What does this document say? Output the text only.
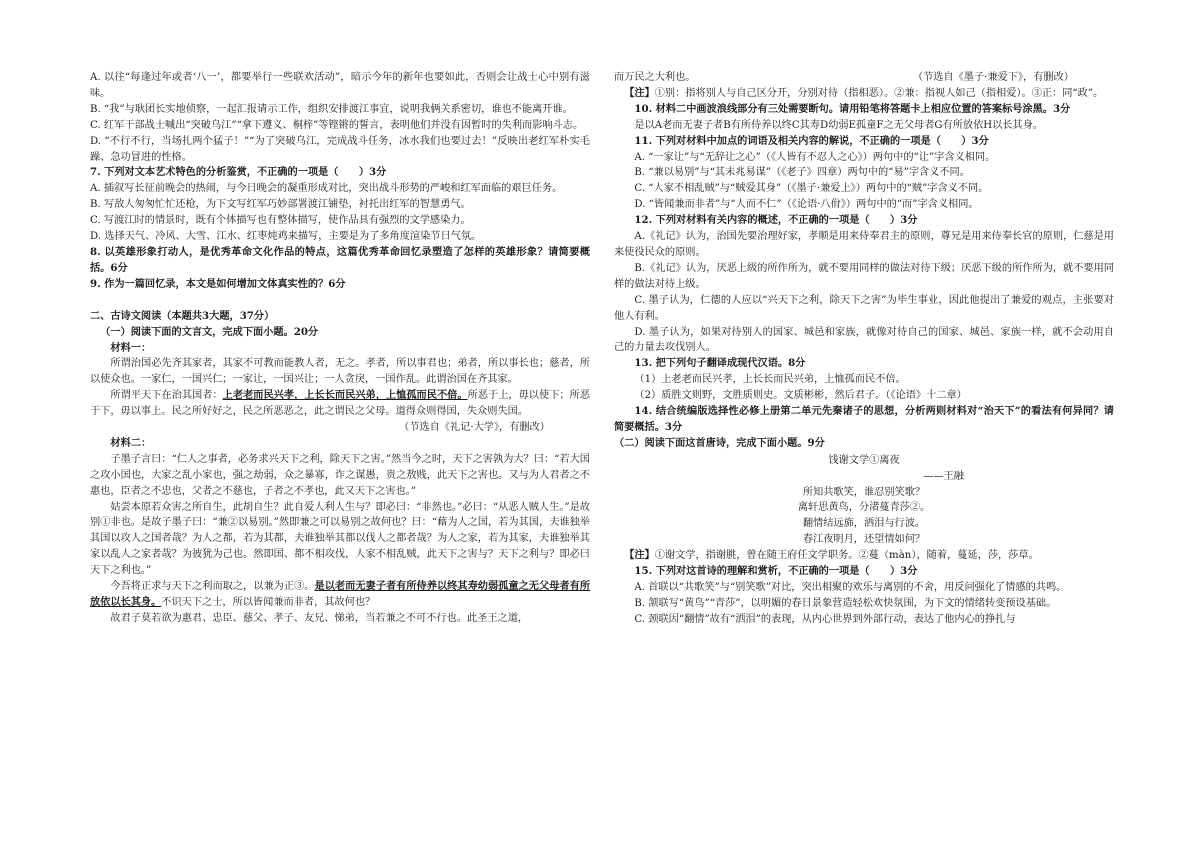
A. 以往“每逢过年或者‘八一’，都要举行一些联欢活动”，暗示今年的新年也要如此，否则会让战士心中别有滋味。

B. “我”与耿团长实地侦察，一起汇报请示工作，组织安排渡江事宜，说明我俩关系密切，谁也不能离开谁。

C. 红军干部战士喊出“突破乌江”“拿下遵义、桐梓”等铿锵的誓言，表明他们并没有因暂时的失利而影响斗志。

D. “不行不行，当场扎两个猛子！”“为了突破乌江，完成战斗任务，冰水我们也要过去！”反映出老红军朴实毛躁、急功冒进的性格。

7. 下列对文本艺术特色的分析鉴赏，不正确的一项是（　　）3分

A. 插叙写长征前晚会的热闹，与今日晚会的凝重形成对比，突出战斗形势的严峻和红军面临的艰巨任务。

B. 写敌人匆匆忙忙还枪，为下文写红军巧妙部署渡江铺垫，衬托出红军的智慧勇气。

C. 写渡江时的情景时，既有个体描写也有整体描写，使作品具有强烈的文学感染力。

D. 选择天气、冷风、大雪、江水、红枣炖鸡来描写，主要是为了多角度渲染节日气氛。

8. 以英雄形象打动人，是优秀革命文化作品的特点，这篇优秀革命回忆录塑造了怎样的英雄形象？请简要概括。6分

9. 作为一篇回忆录，本文是如何增加文体真实性的？6分

二、古诗文阅读（本题共3大题，37分）

（一）阅读下面的文言文，完成下面小题。20分

材料一：

所谓治国必先齐其家者，其家不可教而能教人者，无之。孝者，所以事君也；弟者，所以事长也；慈者，所以使众也。一家仁，一国兴仁；一家让，一国兴让；一人贪戾，一国作乱。此谓治国在齐其家。

所谓平天下在治其国者：上老老而民兴孝，上长长而民兴弟，上恤孤而民不倍。所恶于上，毋以使下；所恶于下，毋以事上。民之所好好之，民之所恶恶之，此之谓民之父母。道得众则得国，失众则失国。

（节选自《礼记·大学》，有删改）

材料二：

子墨子言曰：“仁人之事者，必务求兴天下之利，除天下之害。”然当今之时，天下之害孰为大？曰：“若大国之攻小国也，大家之乱小家也，强之劫弱，众之暴寡，诈之谋愚，贵之敖贱，此天下之害也。又与为人君者之不惠也，臣者之不忠也，父者之不慈也，子者之不孝也，此又天下之害也。”

姑尝本原若众害之所自生，此胡自生？此自爱人利人生与？即必曰：“非然也。”必曰：“从恶人贼人生。”是故别①非也。是故子墨子曰：“兼②以易别。”然即兼之可以易别之故何也？曰：“藉为人之国，若为其国，夫谁独举其国以攻人之国者哉？为人之都，若为其都，夫谁独举其都以伐人之都者哉？为人之家，若为其家，夫谁独举其家以乱人之家者哉？为彼犹为己也。然即国、都不相攻伐，人家不相乱贼，此天下之害与？天下之利与？即必曰天下之利也。”

今吾将正求与天下之利而取之，以兼为正③。是以老而无妻子者有所侍养以终其寿幼弱孤童之无父母者有所放依以长其身。不识天下之士，所以皆闻兼而非者，其故何也？

故君子莫若欲为惠君、忠臣、慈父、孝子、友兄、悌弟，当若兼之不可不行也。此圣王之道，

而万民之大利也。	（节选自《墨子·兼爱下》，有删改）

【注】①别：指将别人与自己区分开，分别对待（指相恶）。②兼：指视人如己（指相爱）。③正：同“政”。

10. 材料二中画波浪线部分有三处需要断句。请用铅笔将答题卡上相应位置的答案标号涂黑。3分

是以A老而无妻子者B有所侍养以终C其寿D幼弱E孤童F之无父母者G有所放依H以长其身。

11. 下列对材料中加点的词语及相关内容的解说，不正确的一项是（　　）3分

A. “一家让”与“无辞让之心”（《人皆有不忍人之心》）两句中的“让”字含义相同。

B. “兼以易别”与“其未兆易谋”（《老子》四章）两句中的“易”字含义不同。

C. “人家不相乱贼”与“贼爱其身”（《墨子·兼爱上》）两句中的“贼”字含义不同。

D. “皆闻兼而非者”与“人而不仁”（《论语·八佾》）两句中的“而”字含义相同。

12. 下列对材料有关内容的概述，不正确的一项是（　　）3分

A.《礼记》认为，治国先要治理好家，孝顺是用来侍奉君主的原则，尊兄是用来侍奉长官的原则，仁慈是用来使役民众的原则。

B.《礼记》认为，厌恶上级的所作所为，就不要用同样的做法对待下级；厌恶下级的所作所为，就不要用同样的做法对待上级。

C. 墨子认为，仁德的人应以“兴天下之利，除天下之害”为毕生事业，因此他提出了兼爱的观点，主张要对他人有利。

D. 墨子认为，如果对待别人的国家、城邑和家族，就像对待自己的国家、城邑、家族一样，就不会动用自己的力量去攻伐别人。

13. 把下列句子翻译成现代汉语。8分

（1）上老老而民兴孝，上长长而民兴弟，上恤孤而民不倍。

（2）质胜文则野，文胜质则史。文质彬彬，然后君子。（《论语》十二章）

14. 结合统编版选择性必修上册第二单元先秦诸子的思想，分析两则材料对“治天下”的看法有何异同？请简要概括。3分

（二）阅读下面这首唐诗，完成下面小题。9分

饯谢文学①离夜

——王融

所知共歌笑，谁忍别笑歌？

离轩思黄鸟，分渚蔓青莎②。

翻情结远旆，洒泪与行波。

春江夜明月，还望情如何？

【注】①谢文学，指谢朓，曾在随王府任文学职务。②蔓（màn），随着，蔓延，莎，莎草。

15. 下列对这首诗的理解和赏析，不正确的一项是（　　）3分

A. 首联以“共歌笑”与“别笑歌”对比，突出相聚的欢乐与离别的不舍，用反问强化了情感的共鸣。

B. 颔联写“黄鸟”“青莎”，以明媚的春日景象营造轻松欢快氛围，为下文的情绪转变预设基础。

C. 颈联因“翻情”故有“洒泪”的表现，从内心世界到外部行动，表达了他内心的挣扎与
